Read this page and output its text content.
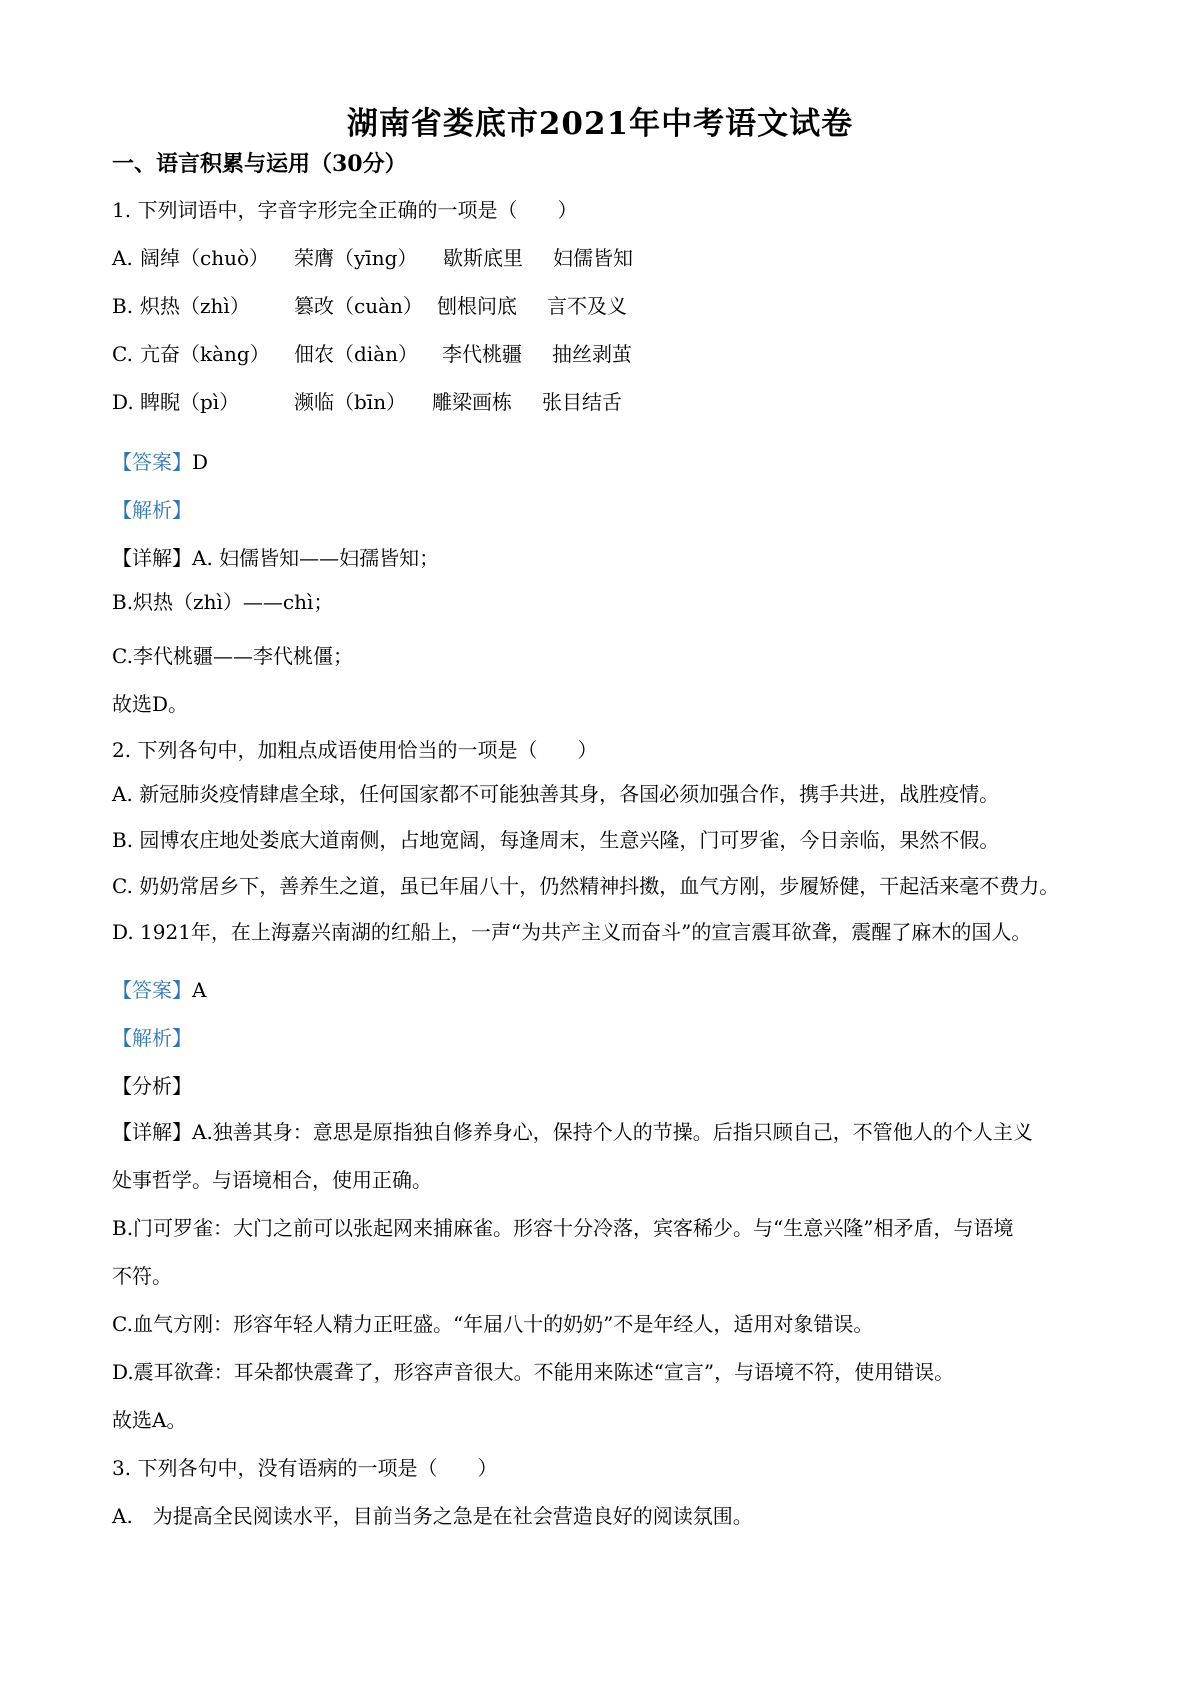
湖南省娄底市2021年中考语文试卷
一、语言积累与运用（30分）
1. 下列词语中，字音字形完全正确的一项是（　　）
A. 阔绰（chuò） 荣膺（yīng） 歇斯底里 妇儒皆知
B. 炽热（zhì） 篡改（cuàn） 刨根问底 言不及义
C. 亢奋（kàng） 佃农（diàn） 李代桃疆 抽丝剥茧
D. 睥睨（pì）	濒临（bīn） 雕梁画栋 张目结舌
【答案】D
【解析】
【详解】A. 妇儒皆知——妇孺皆知；
B.炽热（zhì）——chì；
C.李代桃疆——李代桃僵；
故选D。
2. 下列各句中，加粗点成语使用恰当的一项是（　　）
A. 新冠肺炎疫情肆虐全球，任何国家都不可能独善其身，各国必须加强合作，携手共进，战胜疫情。
B. 园博农庄地处娄底大道南侧，占地宽阔，每逢周末，生意兴隆，门可罗雀，今日亲临，果然不假。
C. 奶奶常居乡下，善养生之道，虽已年届八十，仍然精神抖擞，血气方刚，步履矫健，干起活来毫不费力。
D. 1921年，在上海嘉兴南湖的红船上，一声“为共产主义而奋斗”的宣言震耳欲聋，震醒了麻木的国人。
【答案】A
【解析】
【分析】
【详解】A.独善其身：意思是原指独自修养身心，保持个人的节操。后指只顾自己，不管他人的个人主义
处事哲学。与语境相合，使用正确。
B.门可罗雀：大门之前可以张起网来捕麻雀。形容十分冷落，宾客稀少。与“生意兴隆”相矛盾，与语境
不符。
C.血气方刚：形容年轻人精力正旺盛。“年届八十的奶奶”不是年经人，适用对象错误。
D.震耳欲聋：耳朵都快震聋了，形容声音很大。不能用来陈述“宣言”，与语境不符，使用错误。
故选A。
3. 下列各句中，没有语病的一项是（　　）
A.　为提高全民阅读水平，目前当务之急是在社会营造良好的阅读氛围。
